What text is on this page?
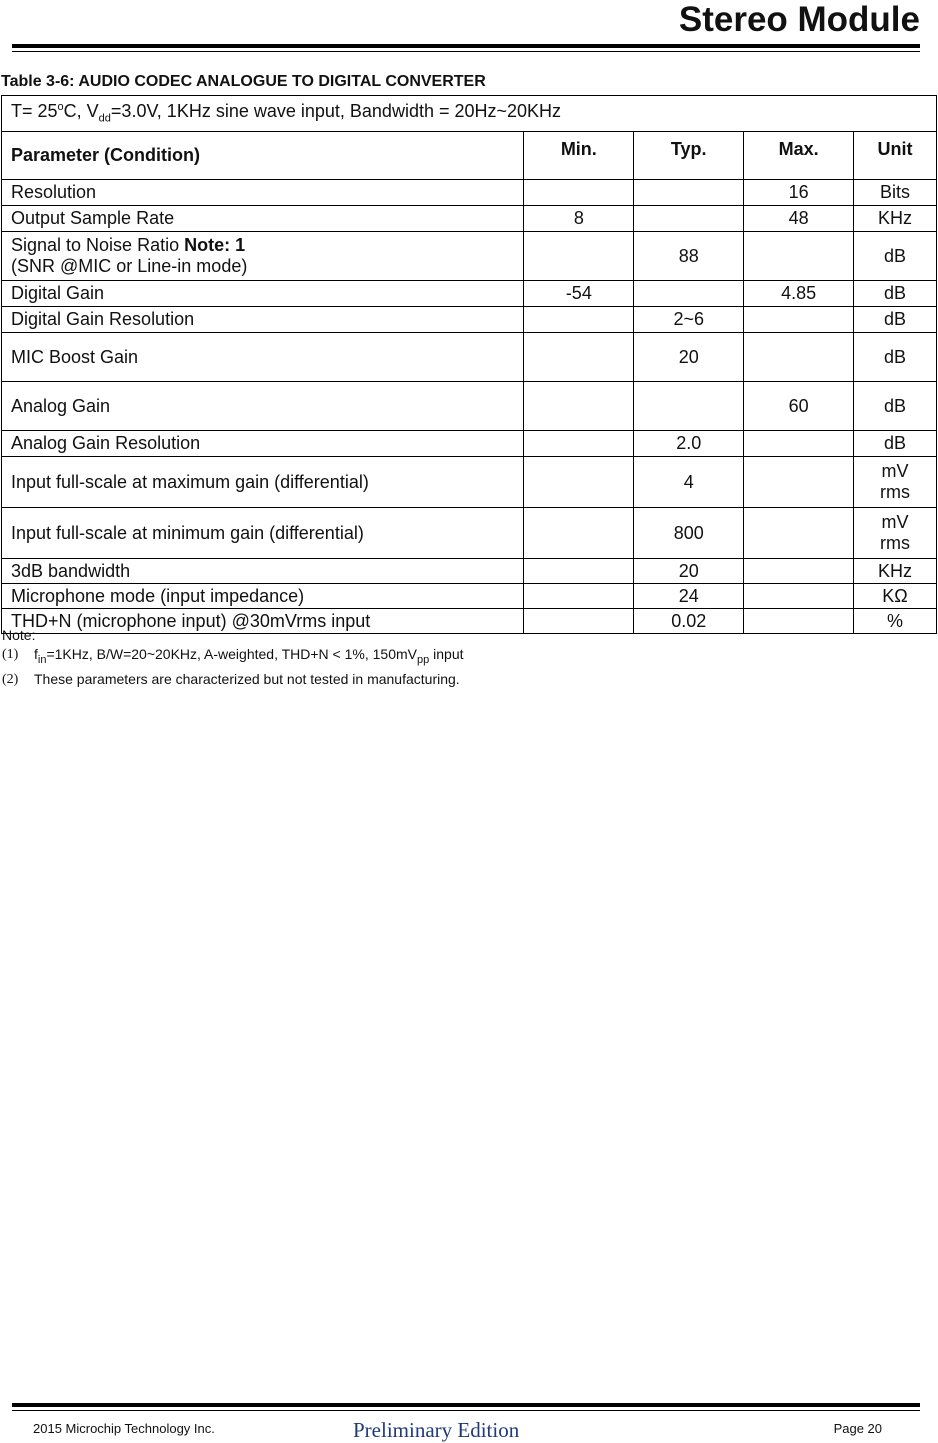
Stereo Module
Table 3-6: AUDIO CODEC ANALOGUE TO DIGITAL CONVERTER
$T= 25^oC$, $V_{dd}=3.0V$, 1KHz sine wave input, Bandwidth = 20Hz~20KHz				
Parameter (Condition)	Min.	Typ.	Max.	Unit
Resolution			16	Bits
Output Sample Rate	8		48	KHz
Signal to Noise Ratio Note: 1
(SNR @MIC or Line-in mode)		88		dB
Digital Gain	-54		4.85	dB
Digital Gain Resolution		2~6		dB
MIC Boost Gain		20		dB
Analog Gain			60	dB
Analog Gain Resolution		2.0		dB
Input full-scale at maximum gain (differential)		4		mV
rms
Input full-scale at minimum gain (differential)		800		mV
rms
3dB bandwidth		20		KHz
Microphone mode (input impedance)		24		KΩ
THD+N (microphone input) @30mVrms input		0.02		%
Note:
(1)	$f_{in}=1KHz$, B/W=20~20KHz, A-weighted, THD+N < 1%, $150mV_{pp}$ input
(2)	These parameters are characterized but not tested in manufacturing.
2015 Microchip Technology Inc.	Preliminary Edition	Page 20
